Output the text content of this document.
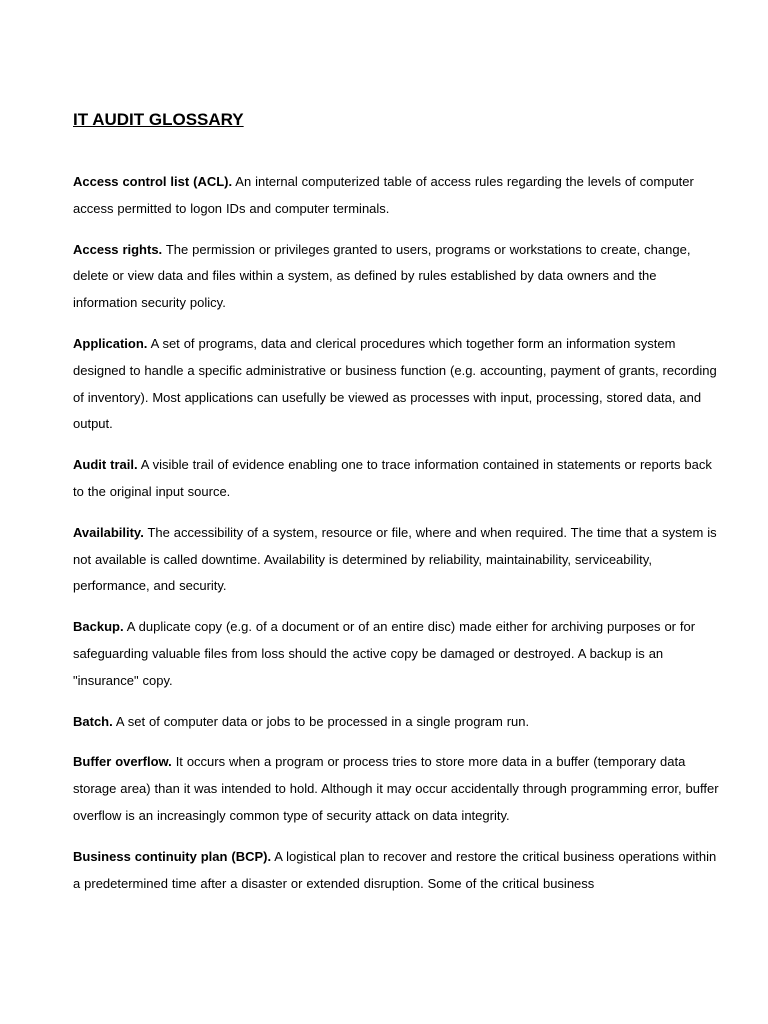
IT AUDIT GLOSSARY

Access control list (ACL). An internal computerized table of access rules regarding the levels of computer access permitted to logon IDs and computer terminals.

Access rights. The permission or privileges granted to users, programs or workstations to create, change, delete or view data and files within a system, as defined by rules established by data owners and the information security policy.

Application. A set of programs, data and clerical procedures which together form an information system designed to handle a specific administrative or business function (e.g. accounting, payment of grants, recording of inventory). Most applications can usefully be viewed as processes with input, processing, stored data, and output.

Audit trail. A visible trail of evidence enabling one to trace information contained in statements or reports back to the original input source.

Availability. The accessibility of a system, resource or file, where and when required. The time that a system is not available is called downtime. Availability is determined by reliability, maintainability, serviceability, performance, and security.

Backup. A duplicate copy (e.g. of a document or of an entire disc) made either for archiving purposes or for safeguarding valuable files from loss should the active copy be damaged or destroyed. A backup is an "insurance" copy.

Batch. A set of computer data or jobs to be processed in a single program run.

Buffer overflow. It occurs when a program or process tries to store more data in a buffer (temporary data storage area) than it was intended to hold. Although it may occur accidentally through programming error, buffer overflow is an increasingly common type of security attack on data integrity.

Business continuity plan (BCP). A logistical plan to recover and restore the critical business operations within a predetermined time after a disaster or extended disruption. Some of the critical business
